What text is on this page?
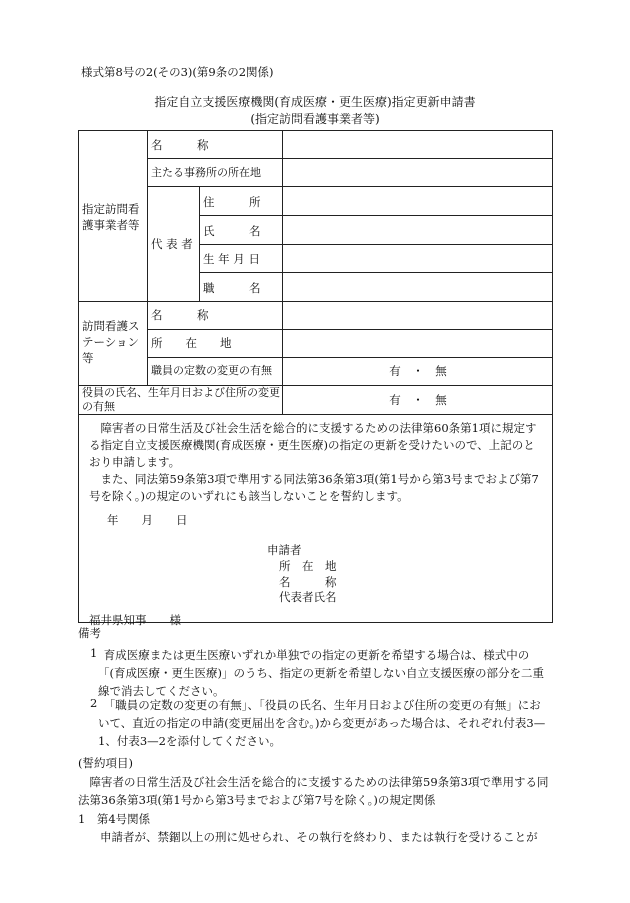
様式第8号の2(その3)(第9条の2関係)
指定自立支援医療機関(育成医療・更生医療)指定更新申請書
(指定訪問看護事業者等)
指定訪問看護事業者等
名　　　称
主たる事務所の所在地
代 表 者
住　　　所
氏　　　名
生 年 月 日
職　　　名
訪問看護ステーション等
名　　　称
所　　在　　地
職員の定数の変更の有無	有　・　無
役員の氏名、生年月日および住所の変更の有無	有　・　無
障害者の日常生活及び社会生活を総合的に支援するための法律第60条第1項に規定する指定自立支援医療機関(育成医療・更生医療)の指定の更新を受けたいので、上記のとおり申請します。
また、同法第59条第3項で準用する同法第36条第3項(第1号から第3号までおよび第7号を除く。)の規定のいずれにも該当しないことを誓約します。
年　　月　　日
申請者
所　在　地
名　　　称
代表者氏名
福井県知事　　様
備考
1 育成医療または更生医療いずれか単独での指定の更新を希望する場合は、様式中の「(育成医療・更生医療)」のうち、指定の更新を希望しない自立支援医療の部分を二重線で消去してください。
2 「職員の定数の変更の有無」、「役員の氏名、生年月日および住所の変更の有無」において、直近の指定の申請(変更届出を含む。)から変更があった場合は、それぞれ付表3—1、付表3—2を添付してください。
(誓約項目)
障害者の日常生活及び社会生活を総合的に支援するための法律第59条第3項で準用する同法第36条第3項(第1号から第3号までおよび第7号を除く。)の規定関係
1　第4号関係
申請者が、禁錮以上の刑に処せられ、その執行を終わり、または執行を受けることが
